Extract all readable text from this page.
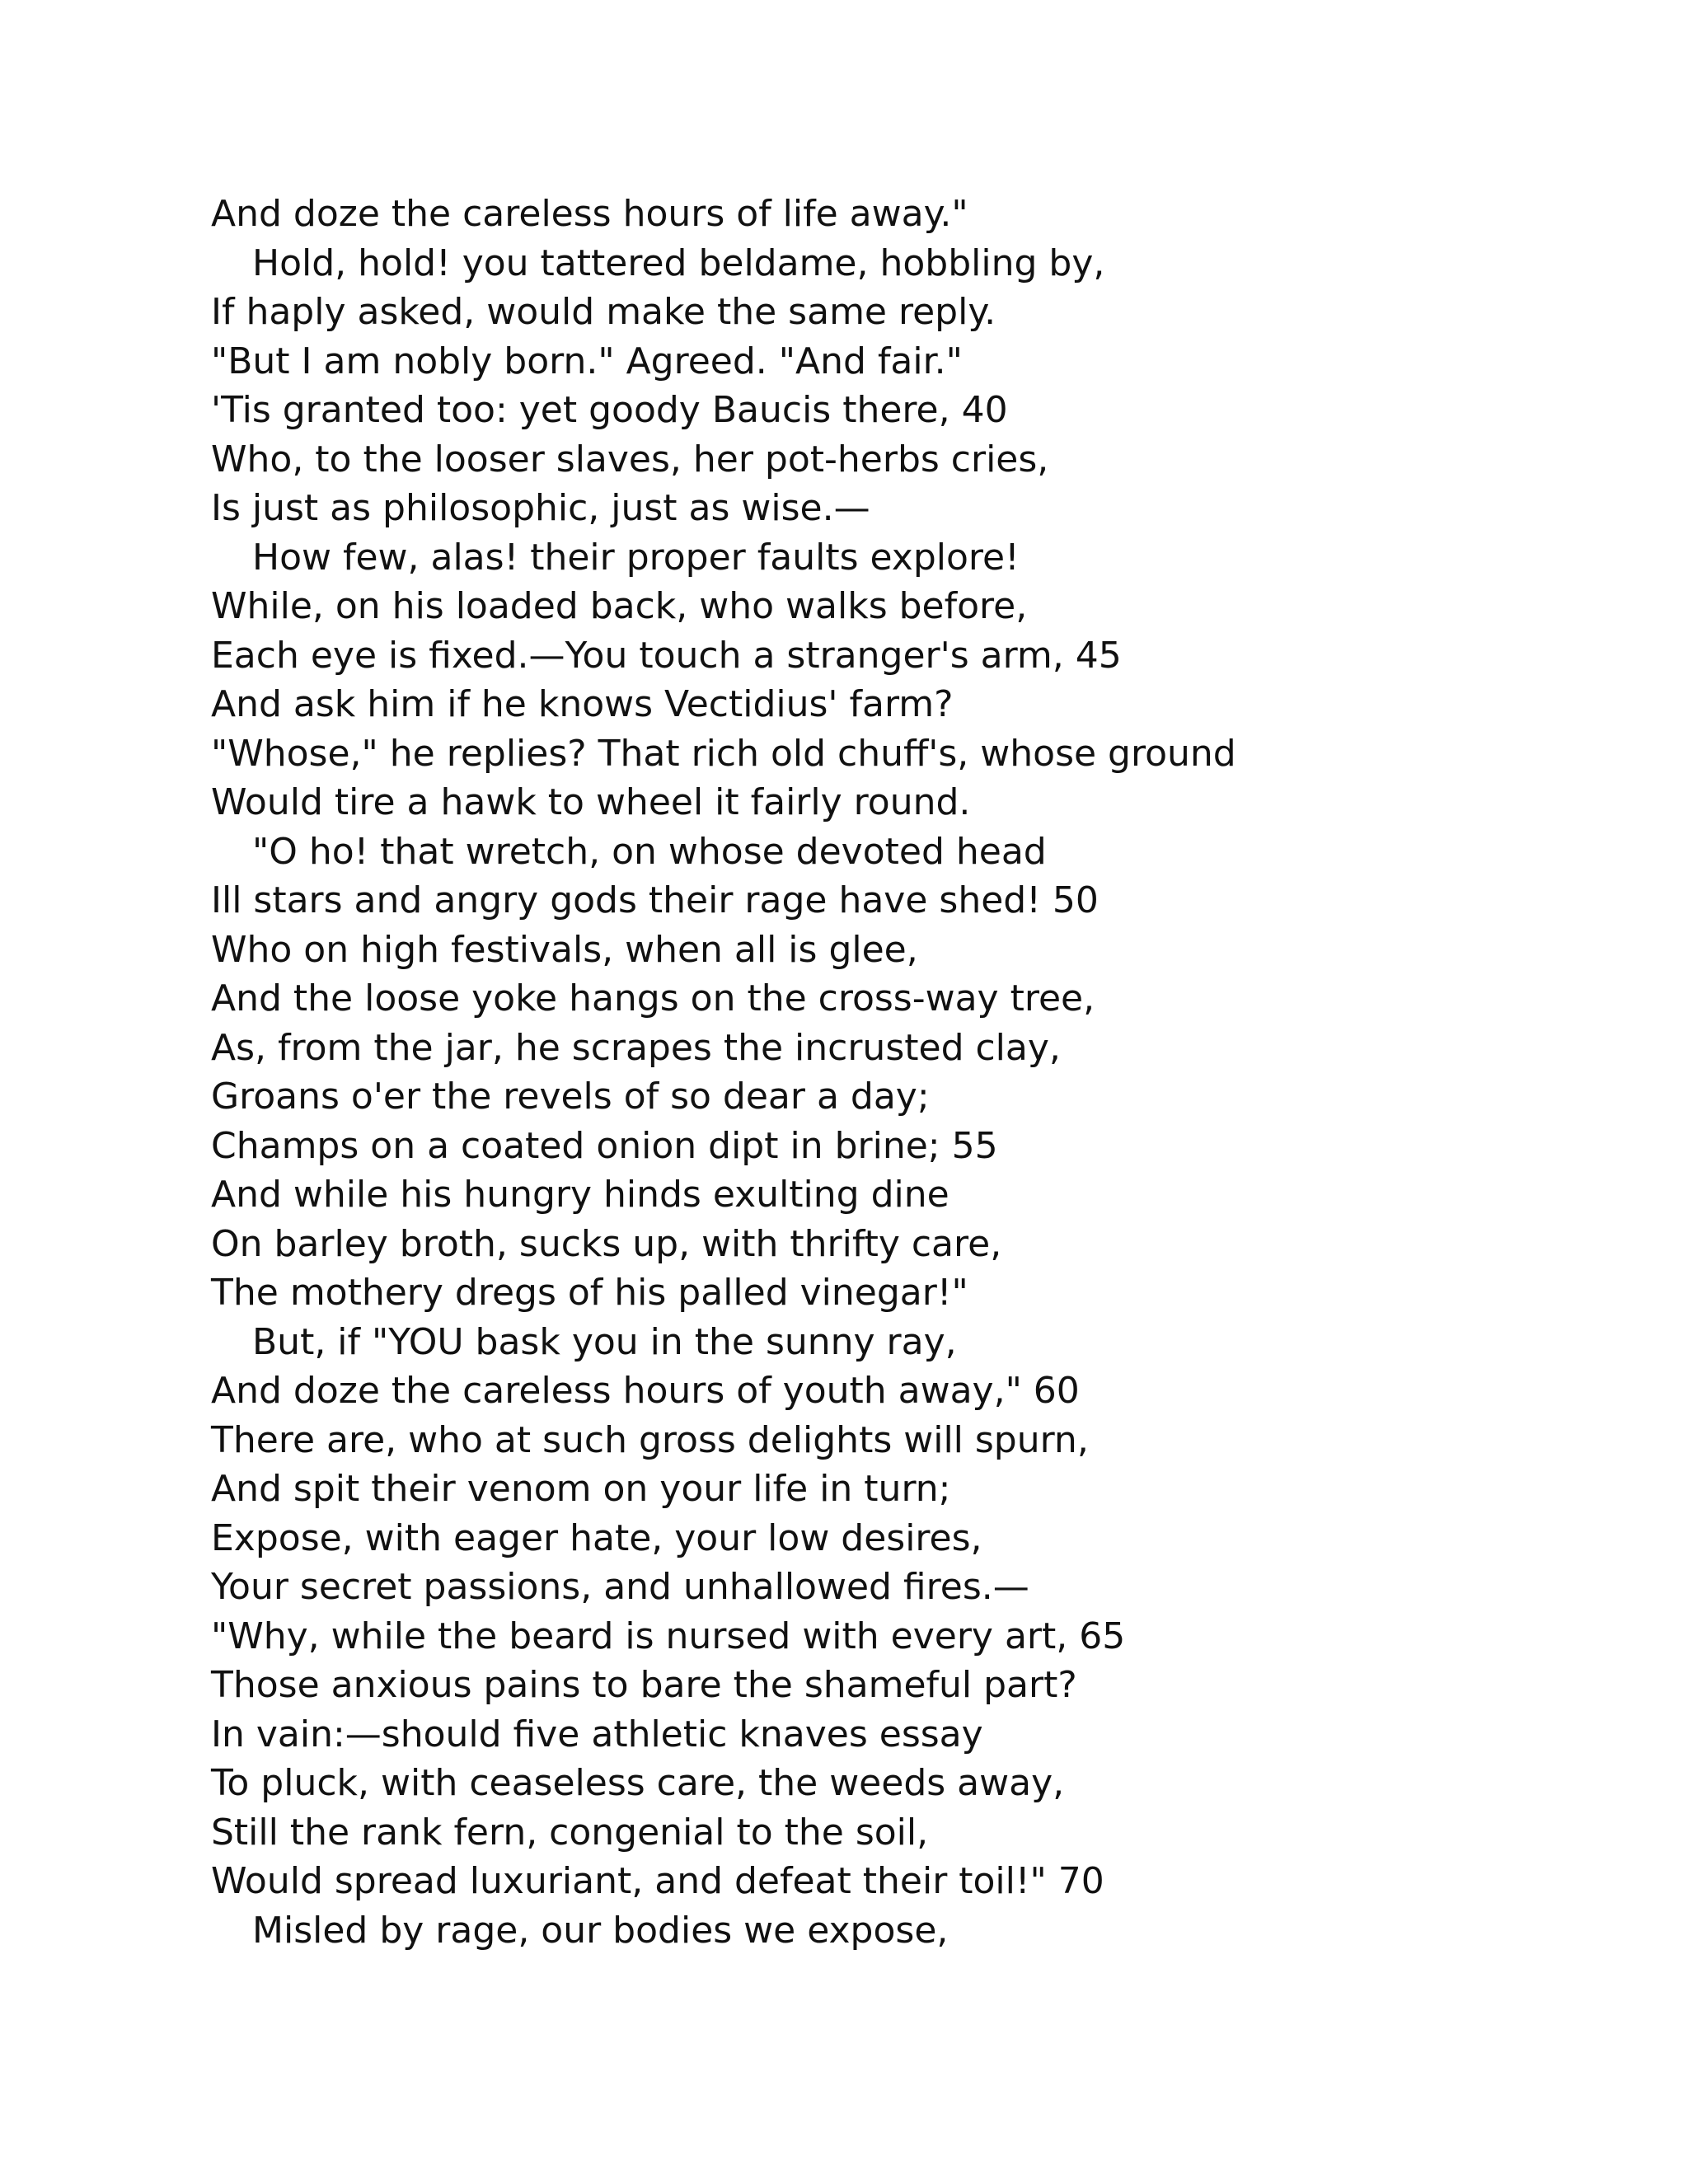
And doze the careless hours of life away."
Hold, hold! you tattered beldame, hobbling by,
If haply asked, would make the same reply.
"But I am nobly born." Agreed. "And fair."
'Tis granted too: yet goody Baucis there, 40
Who, to the looser slaves, her pot-herbs cries,
Is just as philosophic, just as wise.—
How few, alas! their proper faults explore!
While, on his loaded back, who walks before,
Each eye is fixed.—You touch a stranger's arm, 45
And ask him if he knows Vectidius' farm?
"Whose," he replies? That rich old chuff's, whose ground
Would tire a hawk to wheel it fairly round.
"O ho! that wretch, on whose devoted head
Ill stars and angry gods their rage have shed! 50
Who on high festivals, when all is glee,
And the loose yoke hangs on the cross-way tree,
As, from the jar, he scrapes the incrusted clay,
Groans o'er the revels of so dear a day;
Champs on a coated onion dipt in brine; 55
And while his hungry hinds exulting dine
On barley broth, sucks up, with thrifty care,
The mothery dregs of his palled vinegar!"
But, if "YOU bask you in the sunny ray,
And doze the careless hours of youth away," 60
There are, who at such gross delights will spurn,
And spit their venom on your life in turn;
Expose, with eager hate, your low desires,
Your secret passions, and unhallowed fires.—
"Why, while the beard is nursed with every art, 65
Those anxious pains to bare the shameful part?
In vain:—should five athletic knaves essay
To pluck, with ceaseless care, the weeds away,
Still the rank fern, congenial to the soil,
Would spread luxuriant, and defeat their toil!" 70
Misled by rage, our bodies we expose,
